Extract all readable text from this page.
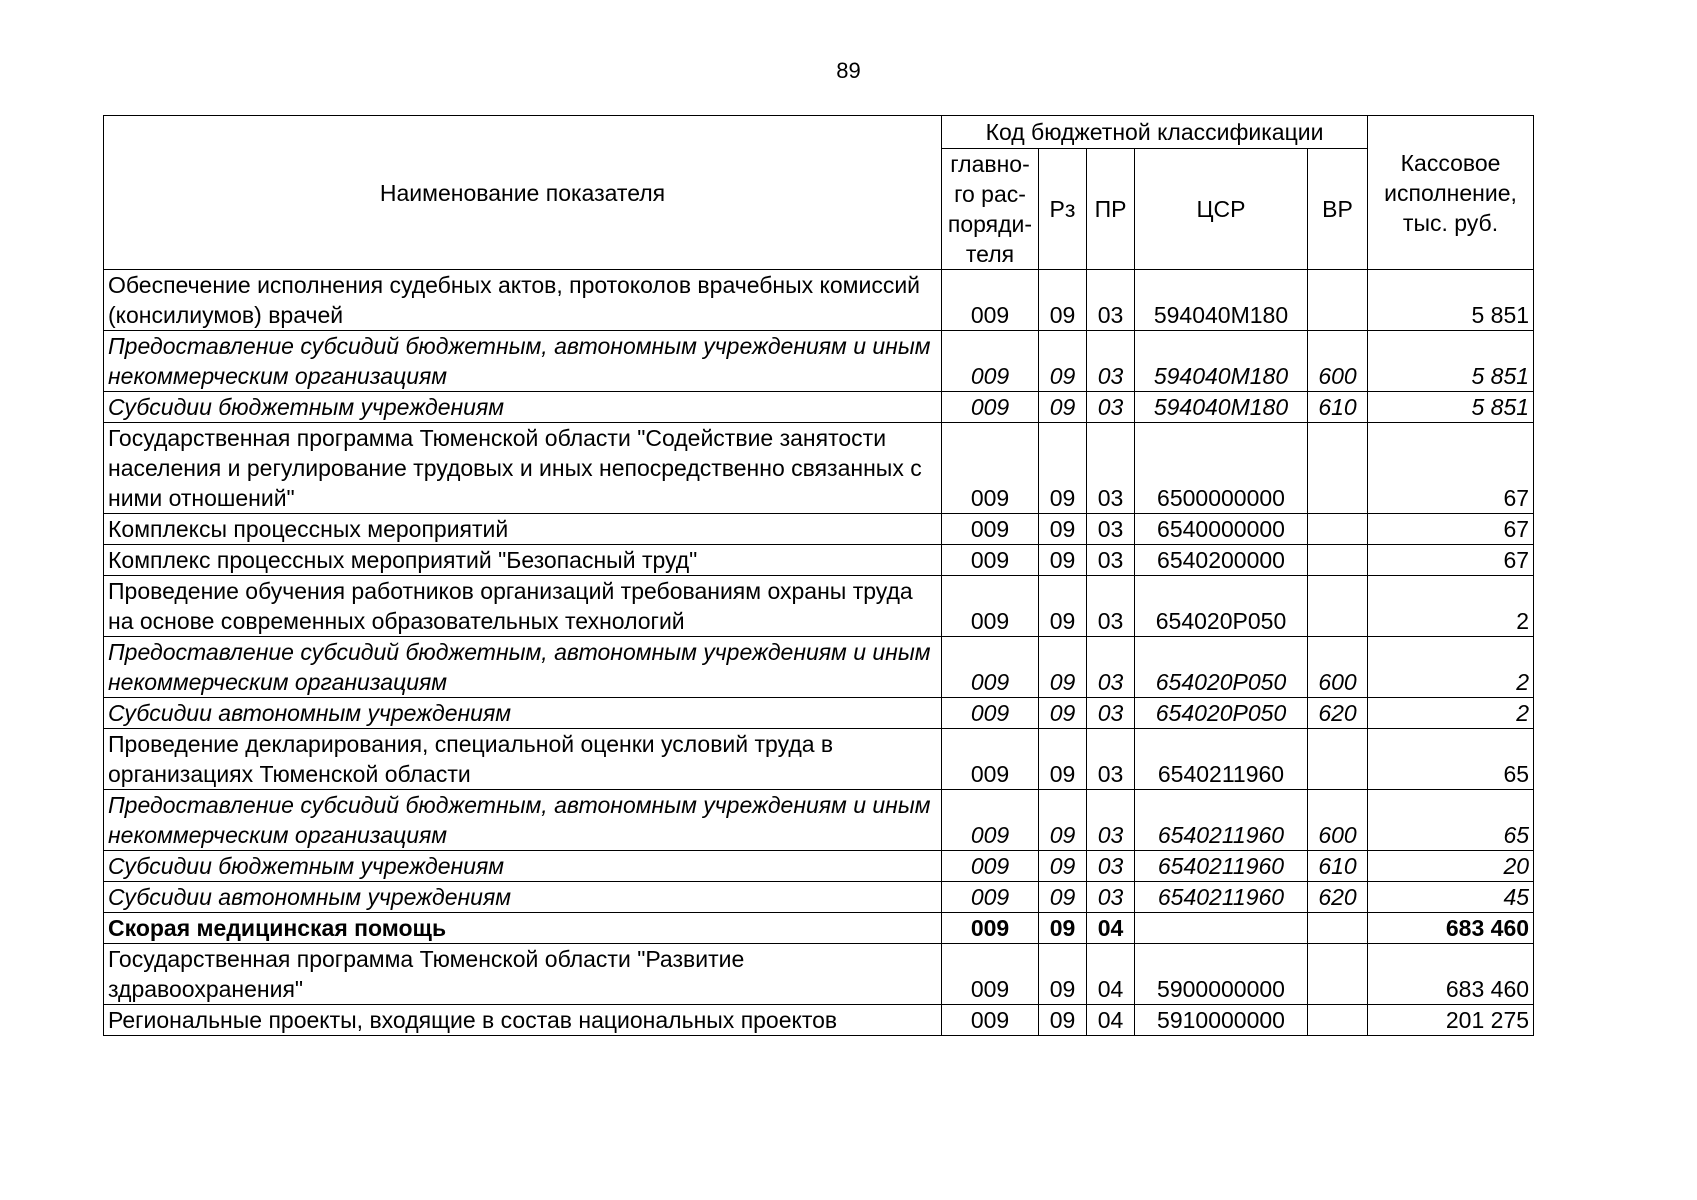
89
Наименование показателя	Код бюджетной классификации					Кассовое исполнение, тыс. руб.
	главно-го рас-поряди-теля	Рз	ПР	ЦСР	ВР	
Обеспечение исполнения судебных актов, протоколов врачебных комиссий (консилиумов) врачей	009	09	03	594040М180		5 851
Предоставление субсидий бюджетным, автономным учреждениям и иным некоммерческим организациям	009	09	03	594040М180	600	5 851
Субсидии бюджетным учреждениям	009	09	03	594040М180	610	5 851
Государственная программа Тюменской области "Содействие занятости населения и регулирование трудовых и иных непосредственно связанных с ними отношений"	009	09	03	6500000000		67
Комплексы процессных мероприятий	009	09	03	6540000000		67
Комплекс процессных мероприятий "Безопасный труд"	009	09	03	6540200000		67
Проведение обучения работников организаций требованиям охраны труда на основе современных образовательных технологий	009	09	03	654020Р050		2
Предоставление субсидий бюджетным, автономным учреждениям и иным некоммерческим организациям	009	09	03	654020Р050	600	2
Субсидии автономным учреждениям	009	09	03	654020Р050	620	2
Проведение декларирования, специальной оценки условий труда в организациях Тюменской области	009	09	03	6540211960		65
Предоставление субсидий бюджетным, автономным учреждениям и иным некоммерческим организациям	009	09	03	6540211960	600	65
Субсидии бюджетным учреждениям	009	09	03	6540211960	610	20
Субсидии автономным учреждениям	009	09	03	6540211960	620	45
Скорая медицинская помощь	009	09	04			683 460
Государственная программа Тюменской области "Развитие здравоохранения"	009	09	04	5900000000		683 460
Региональные проекты, входящие в состав национальных проектов	009	09	04	5910000000		201 275
